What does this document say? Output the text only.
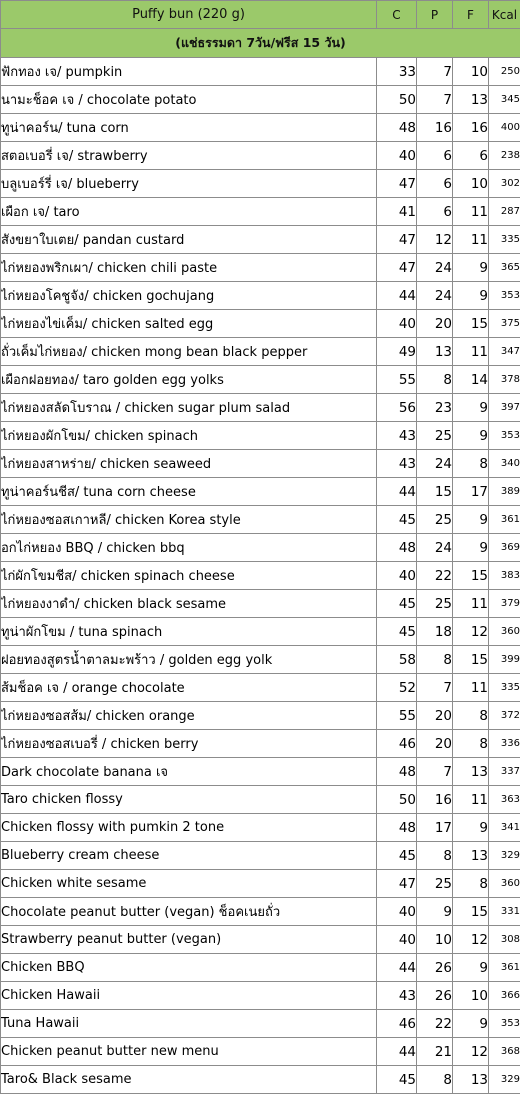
Puffy bun (220 g)	C	P	F	Kcal
(แช่ธรรมดา 7วัน/ฟรีส 15 วัน)				
ฟักทอง เจ/ pumpkin	33	7	10	250
นามะช็อค เจ / chocolate potato	50	7	13	345
ทูน่าคอร์น/ tuna corn	48	16	16	400
สตอเบอรี่ เจ/ strawberry	40	6	6	238
บลูเบอร์รี่ เจ/ blueberry	47	6	10	302
เผือก เจ/ taro	41	6	11	287
สังขยาใบเตย/ pandan custard	47	12	11	335
ไก่หยองพริกเผา/ chicken chili paste	47	24	9	365
ไก่หยองโคชูจัง/ chicken gochujang	44	24	9	353
ไก่หยองไข่เค็ม/ chicken salted egg	40	20	15	375
ถั่วเค็มไก่หยอง/ chicken mong bean black pepper	49	13	11	347
เผือกฝอยทอง/ taro golden egg yolks	55	8	14	378
ไก่หยองสลัดโบราณ / chicken sugar plum salad	56	23	9	397
ไก่หยองผักโขม/ chicken spinach	43	25	9	353
ไก่หยองสาหร่าย/ chicken seaweed	43	24	8	340
ทูน่าคอร์นชีส/ tuna corn cheese	44	15	17	389
ไก่หยองซอสเกาหลี/ chicken Korea style	45	25	9	361
อกไก่หยอง BBQ / chicken bbq	48	24	9	369
ไก่ผักโขมชีส/ chicken spinach cheese	40	22	15	383
ไก่หยองงาดำ/ chicken black sesame	45	25	11	379
ทูน่าผักโขม / tuna spinach	45	18	12	360
ฝอยทองสูตรน้ำตาลมะพร้าว / golden egg yolk	58	8	15	399
ส้มช็อค เจ / orange chocolate	52	7	11	335
ไก่หยองซอสส้ม/ chicken orange	55	20	8	372
ไก่หยองซอสเบอรี่ / chicken berry	46	20	8	336
Dark chocolate banana เจ	48	7	13	337
Taro chicken flossy	50	16	11	363
Chicken flossy with pumkin 2 tone	48	17	9	341
Blueberry cream cheese	45	8	13	329
Chicken white sesame	47	25	8	360
Chocolate peanut butter (vegan) ช็อคเนยถั่ว	40	9	15	331
Strawberry peanut butter (vegan)	40	10	12	308
Chicken BBQ	44	26	9	361
Chicken Hawaii	43	26	10	366
Tuna Hawaii	46	22	9	353
Chicken peanut butter new menu	44	21	12	368
Taro& Black sesame	45	8	13	329
